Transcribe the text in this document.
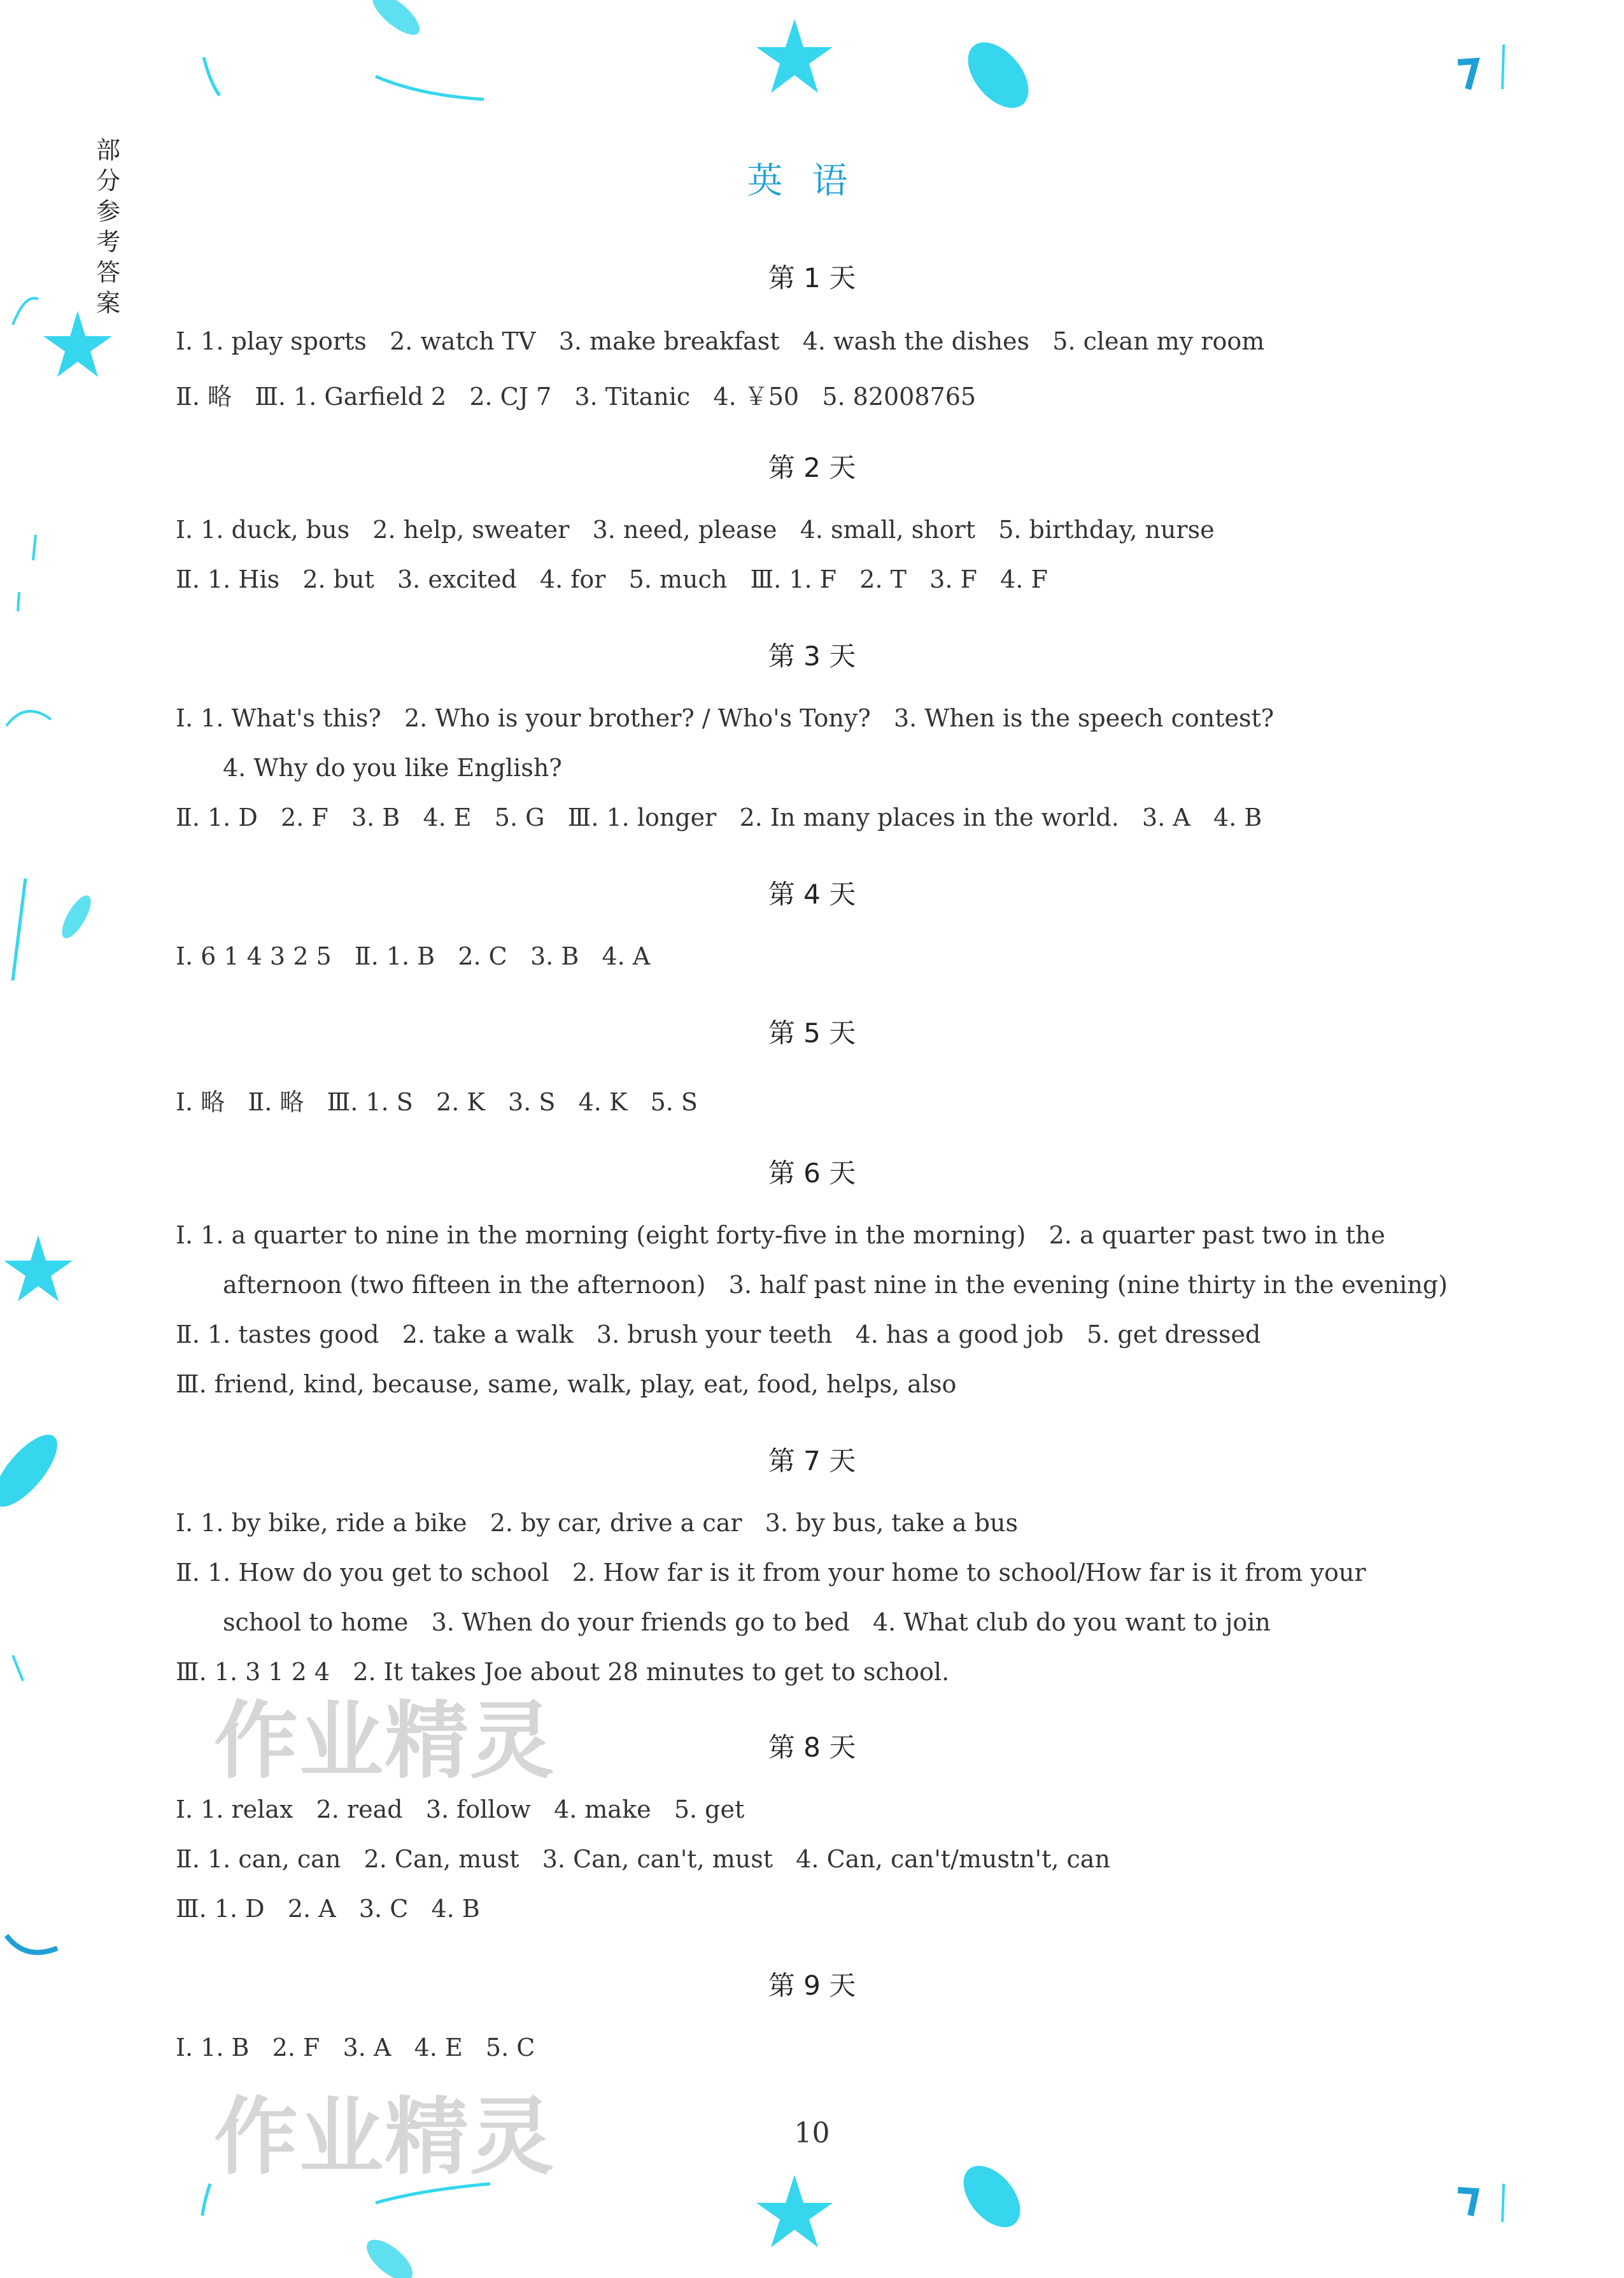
部分参考答案
英语
第 1 天
Ⅰ. 1. play sports   2. watch TV   3. make breakfast   4. wash the dishes   5. clean my room
Ⅱ. 略   Ⅲ. 1. Garfield 2   2. CJ 7   3. Titanic   4. ￥50   5. 82008765
第 2 天
Ⅰ. 1. duck, bus   2. help, sweater   3. need, please   4. small, short   5. birthday, nurse
Ⅱ. 1. His   2. but   3. excited   4. for   5. much   Ⅲ. 1. F   2. T   3. F   4. F
第 3 天
Ⅰ. 1. What's this?   2. Who is your brother? / Who's Tony?   3. When is the speech contest?
4. Why do you like English?
Ⅱ. 1. D   2. F   3. B   4. E   5. G   Ⅲ. 1. longer   2. In many places in the world.   3. A   4. B
第 4 天
Ⅰ. 6 1 4 3 2 5   Ⅱ. 1. B   2. C   3. B   4. A
第 5 天
Ⅰ. 略   Ⅱ. 略   Ⅲ. 1. S   2. K   3. S   4. K   5. S
第 6 天
Ⅰ. 1. a quarter to nine in the morning (eight forty-five in the morning)   2. a quarter past two in the
afternoon (two fifteen in the afternoon)   3. half past nine in the evening (nine thirty in the evening)
Ⅱ. 1. tastes good   2. take a walk   3. brush your teeth   4. has a good job   5. get dressed
Ⅲ. friend, kind, because, same, walk, play, eat, food, helps, also
第 7 天
Ⅰ. 1. by bike, ride a bike   2. by car, drive a car   3. by bus, take a bus
Ⅱ. 1. How do you get to school   2. How far is it from your home to school/How far is it from your
school to home   3. When do your friends go to bed   4. What club do you want to join
Ⅲ. 1. 3 1 2 4   2. It takes Joe about 28 minutes to get to school.
第 8 天
Ⅰ. 1. relax   2. read   3. follow   4. make   5. get
Ⅱ. 1. can, can   2. Can, must   3. Can, can't, must   4. Can, can't/mustn't, can
Ⅲ. 1. D   2. A   3. C   4. B
第 9 天
Ⅰ. 1. B   2. F   3. A   4. E   5. C
作业精灵
作业精灵	10
